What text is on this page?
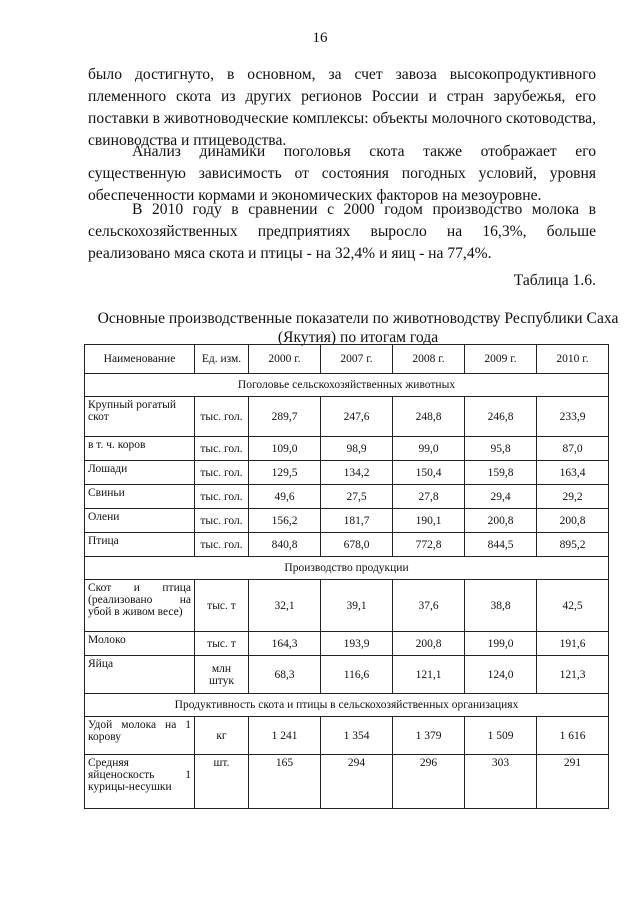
16

было достигнуто, в основном, за счет завоза высокопродуктивного племенного скота из других регионов России и стран зарубежья, его поставки в животноводческие комплексы: объекты молочного скотоводства, свиноводства и птицеводства.

Анализ динамики поголовья скота также отображает его существенную зависимость от состояния погодных условий, уровня обеспеченности кормами и экономических факторов на мезоуровне.

В 2010 году в сравнении с 2000 годом производство молока в сельскохозяйственных предприятиях выросло на 16,3%, больше реализовано мяса скота и птицы - на 32,4% и яиц - на 77,4%.

Таблица 1.6.
Основные производственные показатели по животноводству Республики Саха (Якутия) по итогам года
Наименование	Ед. изм.	2000 г.	2007 г.	2008 г.	2009 г.	2010 г.
Поголовье сельскохозяйственных животных						
Крупный рогатый скот	тыс. гол.	289,7	247,6	248,8	246,8	233,9
в т. ч. коров	тыс. гол.	109,0	98,9	99,0	95,8	87,0
Лошади	тыс. гол.	129,5	134,2	150,4	159,8	163,4
Свиньи	тыс. гол.	49,6	27,5	27,8	29,4	29,2
Олени	тыс. гол.	156,2	181,7	190,1	200,8	200,8
Птица	тыс. гол.	840,8	678,0	772,8	844,5	895,2
Производство продукции						
Скот и птица (реализовано на убой в живом весе)	тыс. т	32,1	39,1	37,6	38,8	42,5
Молоко	тыс. т	164,3	193,9	200,8	199,0	191,6
Яйца	млн штук	68,3	116,6	121,1	124,0	121,3
Продуктивность скота и птицы в сельскохозяйственных организациях						
Удой молока на 1 корову	кг	1 241	1 354	1 379	1 509	1 616
Средняя яйценоскость 1 курицы-несушки	шт.	165	294	296	303	291
